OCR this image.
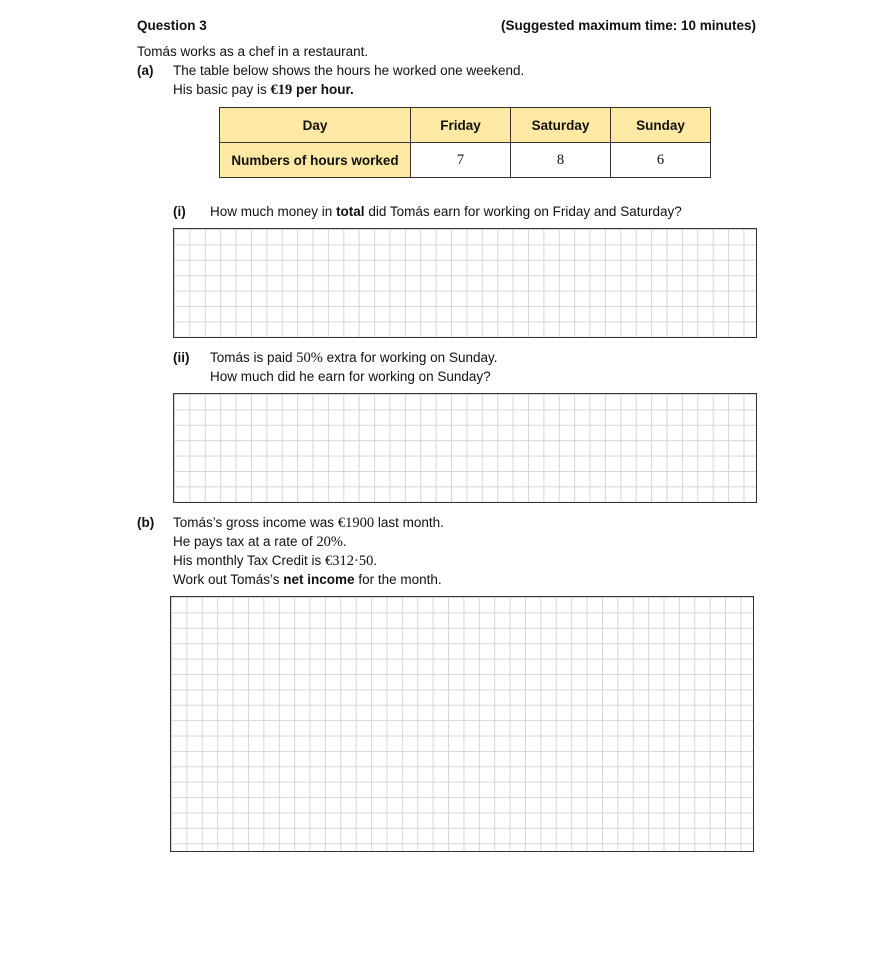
Question 3	(Suggested maximum time: 10 minutes)
Tomás works as a chef in a restaurant.
(a) The table below shows the hours he worked one weekend.
His basic pay is €19 per hour.
Day	Friday	Saturday	Sunday
Numbers of hours worked	7	8	6
(i) How much money in total did Tomás earn for working on Friday and Saturday?
(ii) Tomás is paid 50% extra for working on Sunday.
How much did he earn for working on Sunday?
(b) Tomás’s gross income was €1900 last month.
He pays tax at a rate of 20%.
His monthly Tax Credit is €312·50.
Work out Tomás’s net income for the month.
